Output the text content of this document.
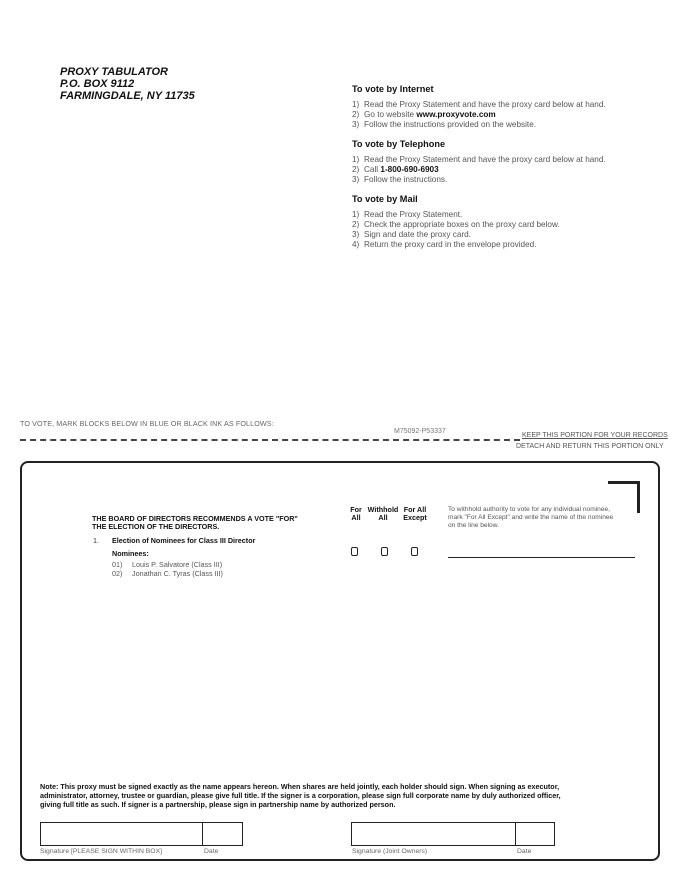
PROXY TABULATOR
P.O. BOX 9112
FARMINGDALE, NY 11735
To vote by Internet
1) Read the Proxy Statement and have the proxy card below at hand.
2) Go to website www.proxyvote.com
3) Follow the instructions provided on the website.
To vote by Telephone
1) Read the Proxy Statement and have the proxy card below at hand.
2) Call 1-800-690-6903
3) Follow the instructions.
To vote by Mail
1) Read the Proxy Statement.
2) Check the appropriate boxes on the proxy card below.
3) Sign and date the proxy card.
4) Return the proxy card in the envelope provided.
TO VOTE, MARK BLOCKS BELOW IN BLUE OR BLACK INK AS FOLLOWS:
M75092-P53337
KEEP THIS PORTION FOR YOUR RECORDS
DETACH AND RETURN THIS PORTION ONLY
THE BOARD OF DIRECTORS RECOMMENDS A VOTE "FOR"
THE ELECTION OF THE DIRECTORS.
1. Election of Nominees for Class III Director
Nominees:
01) Louis P. Salvatore (Class III)
02) Jonathan C. Tyras (Class III)
For
All
Withhold
All
For All
Except
To withhold authority to vote for any individual nominee, mark "For All Except" and write the name of the nominee on the line below.
Note: This proxy must be signed exactly as the name appears hereon. When shares are held jointly, each holder should sign. When signing as executor, administrator, attorney, trustee or guardian, please give full title. If the signer is a corporation, please sign full corporate name by duly authorized officer, giving full title as such. If signer is a partnership, please sign in partnership name by authorized person.
Signature [PLEASE SIGN WITHIN BOX]	Date	Signature (Joint Owners)	Date
